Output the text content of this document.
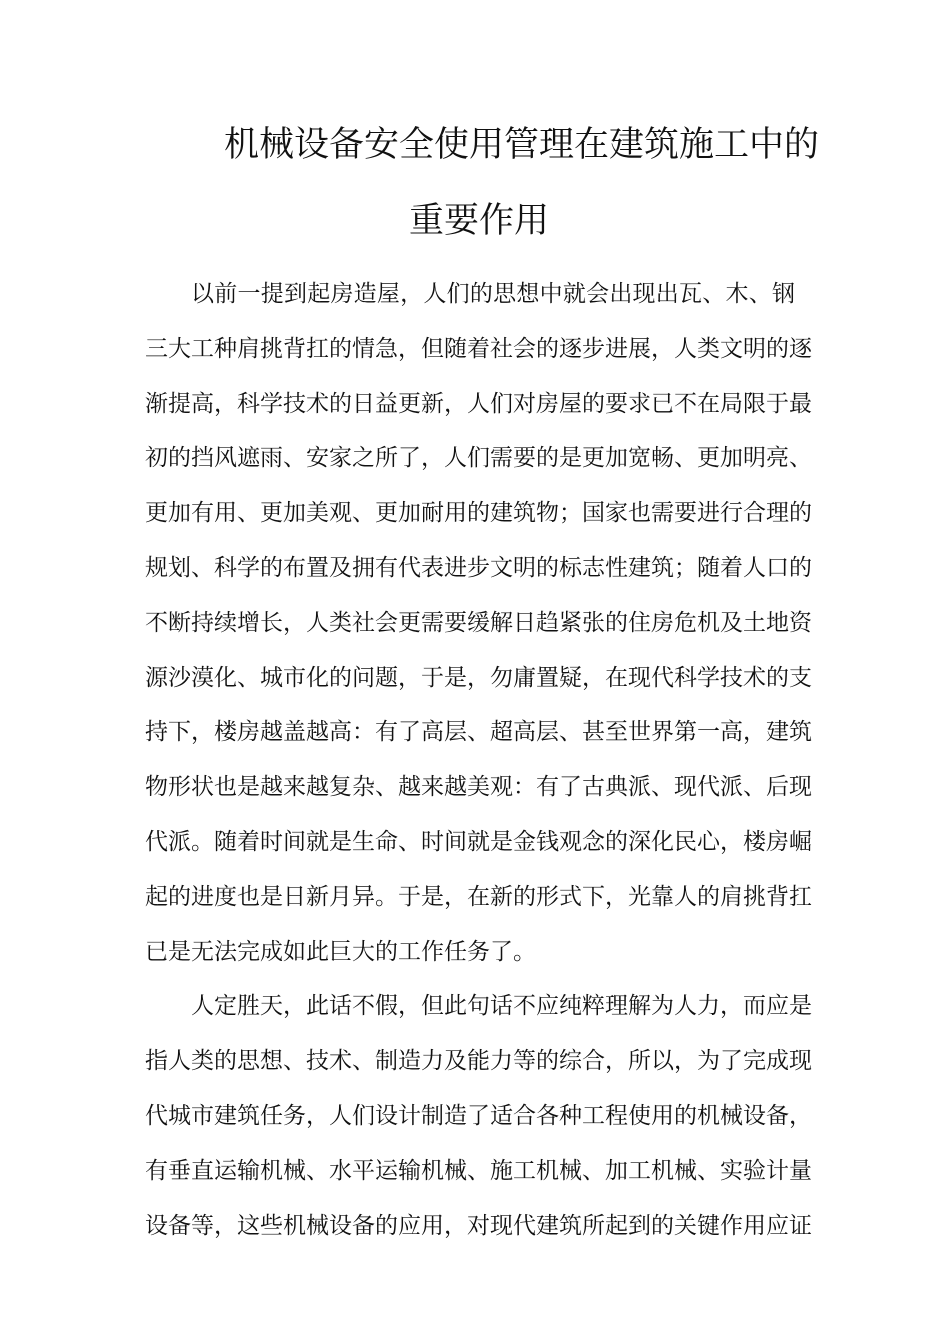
机械设备安全使用管理在建筑施工中的
重要作用
以前一提到起房造屋，人们的思想中就会出现出瓦、木、钢
三大工种肩挑背扛的情急，但随着社会的逐步进展，人类文明的逐
渐提高，科学技术的日益更新，人们对房屋的要求已不在局限于最
初的挡风遮雨、安家之所了，人们需要的是更加宽畅、更加明亮、
更加有用、更加美观、更加耐用的建筑物；国家也需要进行合理的
规划、科学的布置及拥有代表进步文明的标志性建筑；随着人口的
不断持续增长，人类社会更需要缓解日趋紧张的住房危机及土地资
源沙漠化、城市化的问题，于是，勿庸置疑，在现代科学技术的支
持下，楼房越盖越高：有了高层、超高层、甚至世界第一高，建筑
物形状也是越来越复杂、越来越美观：有了古典派、现代派、后现
代派。随着时间就是生命、时间就是金钱观念的深化民心，楼房崛
起的进度也是日新月异。于是，在新的形式下，光靠人的肩挑背扛
已是无法完成如此巨大的工作任务了。
人定胜天，此话不假，但此句话不应纯粹理解为人力，而应是
指人类的思想、技术、制造力及能力等的综合，所以，为了完成现
代城市建筑任务，人们设计制造了适合各种工程使用的机械设备，
有垂直运输机械、水平运输机械、施工机械、加工机械、实验计量
设备等，这些机械设备的应用，对现代建筑所起到的关键作用应证
